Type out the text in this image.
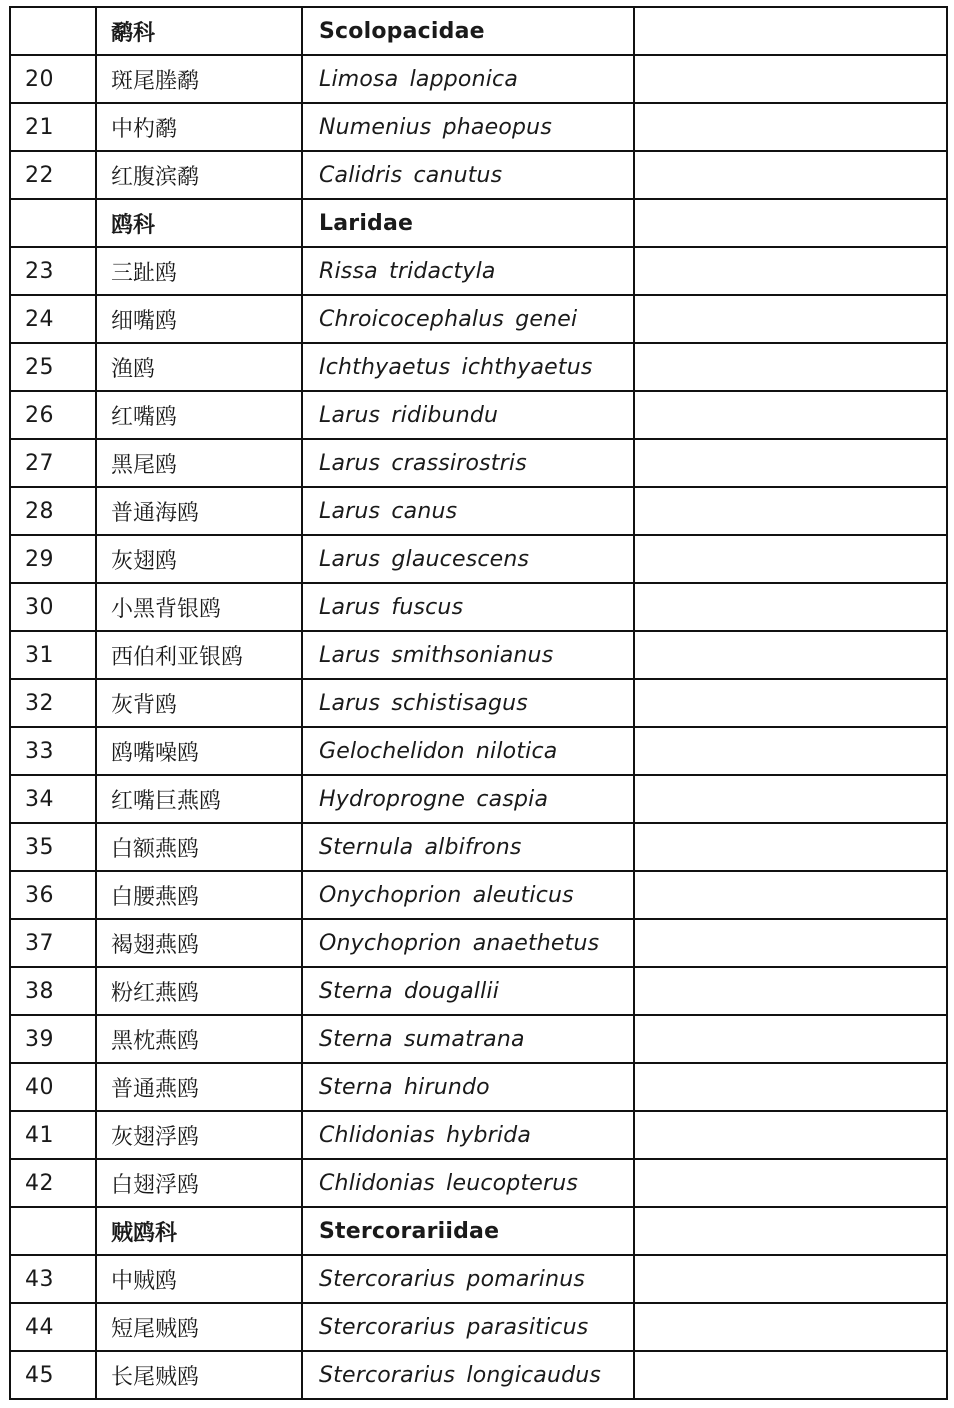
	鹬科	Scolopacidae	
20	斑尾塍鹬	Limosa lapponica	
21	中杓鹬	Numenius phaeopus	
22	红腹滨鹬	Calidris canutus	
	鸥科	Laridae	
23	三趾鸥	Rissa tridactyla	
24	细嘴鸥	Chroicocephalus genei	
25	渔鸥	Ichthyaetus ichthyaetus	
26	红嘴鸥	Larus ridibundu	
27	黑尾鸥	Larus crassirostris	
28	普通海鸥	Larus canus	
29	灰翅鸥	Larus glaucescens	
30	小黑背银鸥	Larus fuscus	
31	西伯利亚银鸥	Larus smithsonianus	
32	灰背鸥	Larus schistisagus	
33	鸥嘴噪鸥	Gelochelidon nilotica	
34	红嘴巨燕鸥	Hydroprogne caspia	
35	白额燕鸥	Sternula albifrons	
36	白腰燕鸥	Onychoprion aleuticus	
37	褐翅燕鸥	Onychoprion anaethetus	
38	粉红燕鸥	Sterna dougallii	
39	黑枕燕鸥	Sterna sumatrana	
40	普通燕鸥	Sterna hirundo	
41	灰翅浮鸥	Chlidonias hybrida	
42	白翅浮鸥	Chlidonias leucopterus	
	贼鸥科	Stercorariidae	
43	中贼鸥	Stercorarius pomarinus	
44	短尾贼鸥	Stercorarius parasiticus	
45	长尾贼鸥	Stercorarius longicaudus	
